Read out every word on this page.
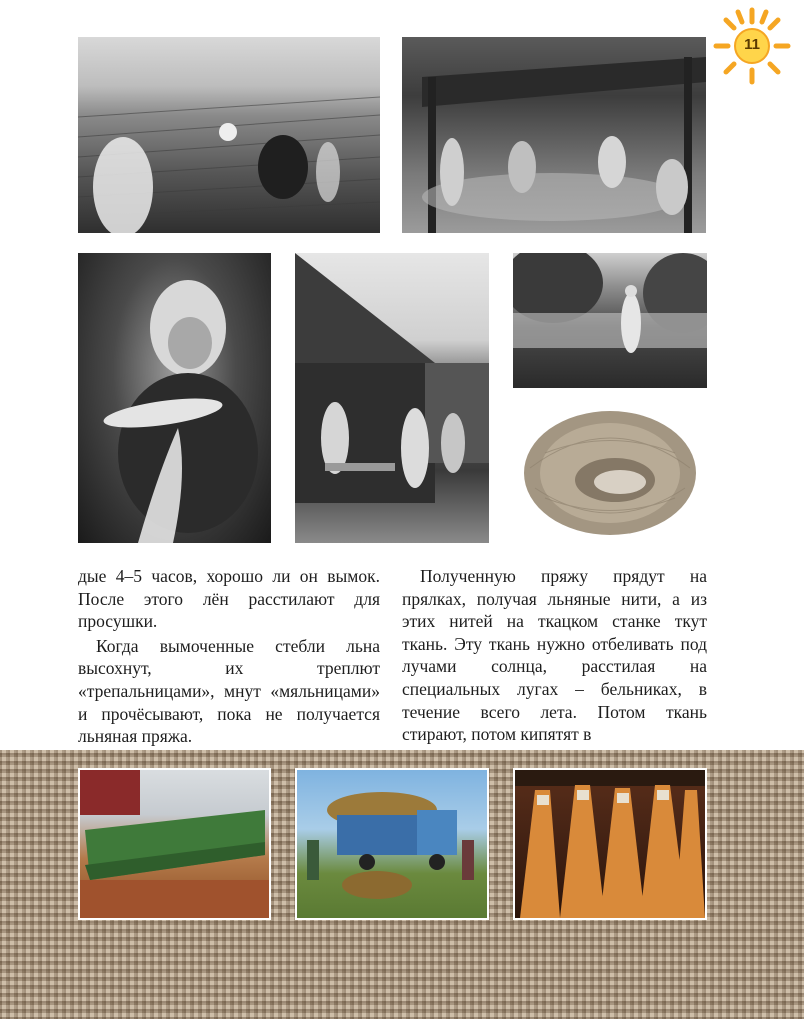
11

дые 4–5 часов, хорошо ли он вымок. После этого лён расстилают для просушки.

Когда вымоченные стебли льна высохнут, их треплют «трепальницами», мнут «мяльницами» и прочёсывают, пока не получается льняная пряжа.

Полученную пряжу прядут на прялках, получая льняные нити, а из этих нитей на ткацком станке ткут ткань. Эту ткань нужно отбеливать под лучами солнца, расстилая на специальных лугах – бельниках, в течение всего лета. Потом ткань стирают, потом кипятят в
